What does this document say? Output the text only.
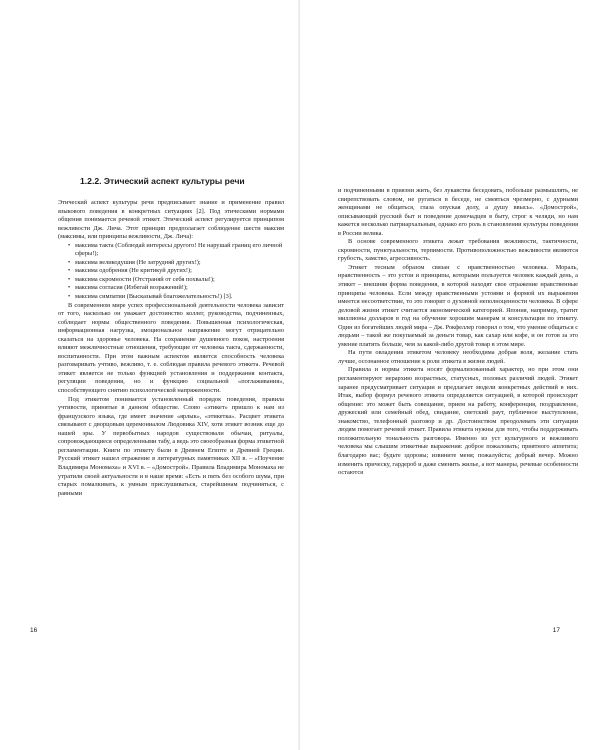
1.2.2. Этический аспект культуры речи

Этический аспект культуры речи предписывает знание и применение правил языкового поведения в конкретных ситуациях [2]. Под этическими нормами общения понимается речевой этикет. Этический аспект регулируется принципом вежливости Дж. Лича. Этот принцип предполагает соблюдение шести максим (максимы, или принципы вежливости, Дж. Лича):

• максима такта (Соблюдай интересы другого! Не нарушай границ его личной сферы!);
• максима великодушия (Не затрудняй других!);
• максима одобрения (Не критикуй других!);
• максима скромности (Отстраняй от себя похвалы!);
• максима согласия (Избегай возражений!);
• максима симпатии (Высказывай благожелательность!) [3].

В современном мире успех профессиональной деятельности человека зависит от того, насколько он уважает достоинство коллег, руководства, подчиненных, соблюдает нормы общественного поведения. Повышенная психологическая, информационная нагрузка, эмоциональное напряжение могут отрицательно сказаться на здоровье человека. На сохранение душевного покоя, настроения влияют межличностные отношения, требующие от человека такта, сдержанности, воспитанности. При этом важным аспектом является способность человека разговаривать учтиво, вежливо, т. е. соблюдая правила речевого этикета. Речевой этикет является не только функцией установления и поддержания контакта, регуляции поведения, но и функцию социальной «поглаживания», способствующего снятию психологической напряженности.

Под этикетом понимается установленный порядок поведения, правила учтивости, принятые в данном обществе. Слово «этикет» пришло к нам из французского языка, где имеет значение «ярлык», «этикетка». Расцвет этикета связывают с дворцовым церемониалом Людовика XIV, хотя этикет возник еще до нашей эры. У первобытных народов существовали обычаи, ритуалы, сопровождающиеся определенными табу, а ведь это своеобразная форма этикетной регламентации. Книги по этикету были в Древнем Египте и Древней Греции. Русский этикет нашел отражение в литературных памятниках XII в. – «Поучение Владимира Мономаха» и XVI в. – «Домострой». Правила Владимира Мономаха не утратили своей актуальности и в наше время: «Есть и пить без особого шума, при старых помалкивать, к умным прислушиваться, старейшинам подчиняться, с равными

16

и подчиненными в приязни жить, без лукавства беседовать, побольше размышлять, не свирепствовать словом, не ругаться в беседе, не смеяться чрезмерно, с дурными женщинами не общаться, глаза опуская долу, а душу ввысь». «Домострой», описывающий русский быт и поведение домочадцев в быту, строг к челяди, но нам кажется несколько патриархальным, однако его роль в становлении культуры поведения в России велика.

В основе современного этикета лежат требования вежливости, тактичности, скромности, пунктуальности, терпимости. Противоположностью вежливости являются грубость, хамство, агрессивность.

Этикет тесным образом связан с нравственностью человека. Мораль, нравственность – это устои и принципы, которыми пользуется человек каждый день, а этикет – внешняя форма поведения, в которой находят свое отражение нравственные принципы человека. Если между нравственными устоями и формой их выражения имеется несоответствие, то это говорит о духовной неполноценности человека. В сфере деловой жизни этикет считается экономической категорией. Япония, например, тратит миллионы долларов в год на обучение хорошим манерам и консультации по этикету. Один из богатейших людей мира – Дж. Рокфеллер говорил о том, что умение общаться с людьми – такой же покупаемый за деньги товар, как сахар или кофе, и он готов за это умение платить больше, чем за какой-либо другой товар в этом мире.

На пути овладения этикетом человеку необходима добрая воля, желание стать лучше, осознанное отношение к роли этикета в жизни людей.

Правила и нормы этикета носят формализованный характер, но при этом они регламентируют иерархию возрастных, статусных, половых различий людей. Этикет заранее предусматривает ситуации и предлагает модели конкретных действий в них. Итак, выбор формул речевого этикета определяется ситуацией, в которой происходит общение: это может быть совещание, прием на работу, конференция, поздравление, дружеский или семейный обед, свидание, светский раут, публичное выступление, знакомство, телефонный разговор и др. Достоинством преодолевать эти ситуации людям помогает речевой этикет. Правила этикета нужны для того, чтобы поддерживать положительную тональность разговора. Именно из уст культурного и вежливого человека мы слышим этикетные выражения: доброе пожаловать; приятного аппетита; благодарю вас; будьте здоровы; извините меня; пожалуйста; добрый вечер. Можно изменить прическу, гардероб и даже сменить жилье, а вот манеры, речевые особенности остаются

17
